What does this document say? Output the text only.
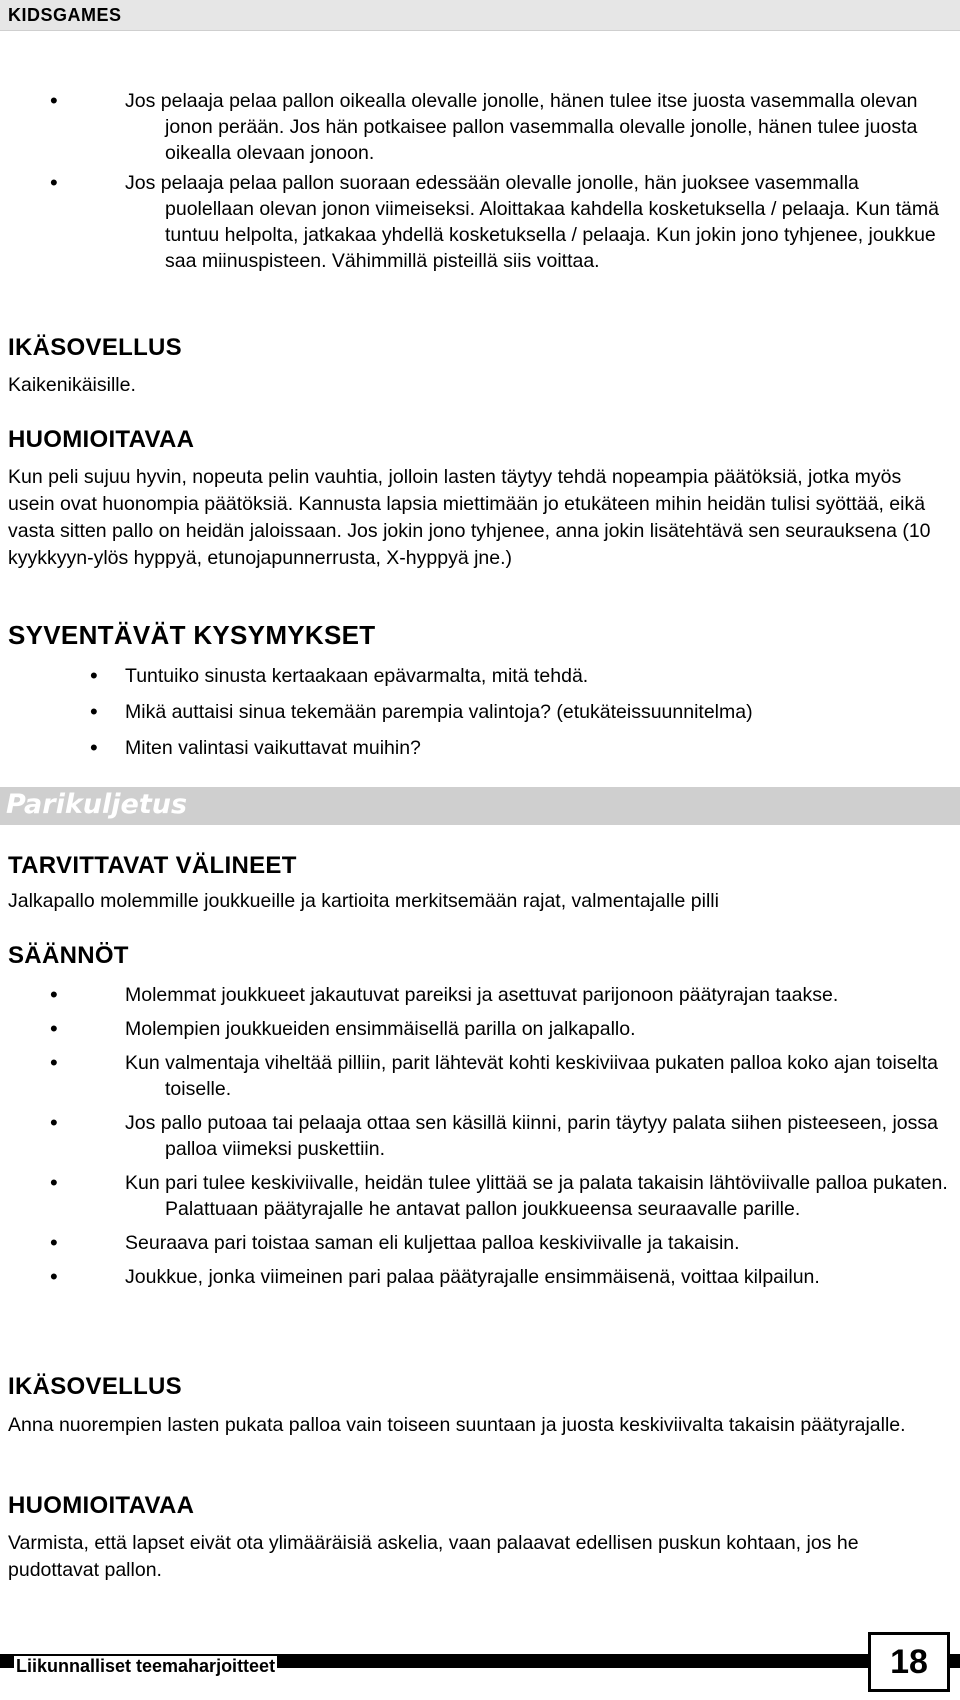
KIDSGAMES
• Jos pelaaja pelaa pallon oikealla olevalle jonolle, hänen tulee itse juosta vasemmalla olevan jonon perään. Jos hän potkaisee pallon vasemmalla olevalle jonolle, hänen tulee juosta oikealla olevaan jonoon.
• Jos pelaaja pelaa pallon suoraan edessään olevalle jonolle, hän juoksee vasemmalla puolellaan olevan jonon viimeiseksi. Aloittakaa kahdella kosketuksella / pelaaja. Kun tämä tuntuu helpolta, jatkakaa yhdellä kosketuksella / pelaaja. Kun jokin jono tyhjenee, joukkue saa miinuspisteen. Vähimmillä pisteillä siis voittaa.
IKÄSOVELLUS
Kaikenikäisille.
HUOMIOITAVAA
Kun peli sujuu hyvin, nopeuta pelin vauhtia, jolloin lasten täytyy tehdä nopeampia päätöksiä, jotka myös usein ovat huonompia päätöksiä. Kannusta lapsia miettimään jo etukäteen mihin heidän tulisi syöttää, eikä vasta sitten pallo on heidän jaloissaan. Jos jokin jono tyhjenee, anna jokin lisätehtävä sen seurauksena (10 kyykkyyn-ylös hyppyä, etunojapunnerrusta, X-hyppyä jne.)
SYVENTÄVÄT KYSYMYKSET
• Tuntuiko sinusta kertaakaan epävarmalta, mitä tehdä.
• Mikä auttaisi sinua tekemään parempia valintoja? (etukäteissuunnitelma)
• Miten valintasi vaikuttavat muihin?
Parikuljetus
TARVITTAVAT VÄLINEET
Jalkapallo molemmille joukkueille ja kartioita merkitsemään rajat, valmentajalle pilli
SÄÄNNÖT
• Molemmat joukkueet jakautuvat pareiksi ja asettuvat parijonoon päätyrajan taakse.
• Molempien joukkueiden ensimmäisellä parilla on jalkapallo.
• Kun valmentaja viheltää pilliin, parit lähtevät kohti keskiviivaa pukaten palloa koko ajan toiselta toiselle.
• Jos pallo putoaa tai pelaaja ottaa sen käsillä kiinni, parin täytyy palata siihen pisteeseen, jossa palloa viimeksi puskettiin.
• Kun pari tulee keskiviivalle, heidän tulee ylittää se ja palata takaisin lähtöviivalle palloa pukaten. Palattuaan päätyrajalle he antavat pallon joukkueensa seuraavalle parille.
• Seuraava pari toistaa saman eli kuljettaa palloa keskiviivalle ja takaisin.
• Joukkue, jonka viimeinen pari palaa päätyrajalle ensimmäisenä, voittaa kilpailun.
IKÄSOVELLUS
Anna nuorempien lasten pukata palloa vain toiseen suuntaan ja juosta keskiviivalta takaisin päätyrajalle.
HUOMIOITAVAA
Varmista, että lapset eivät ota ylimääräisiä askelia, vaan palaavat edellisen puskun kohtaan, jos he pudottavat pallon.
Liikunnalliset teemaharjoitteet	18
